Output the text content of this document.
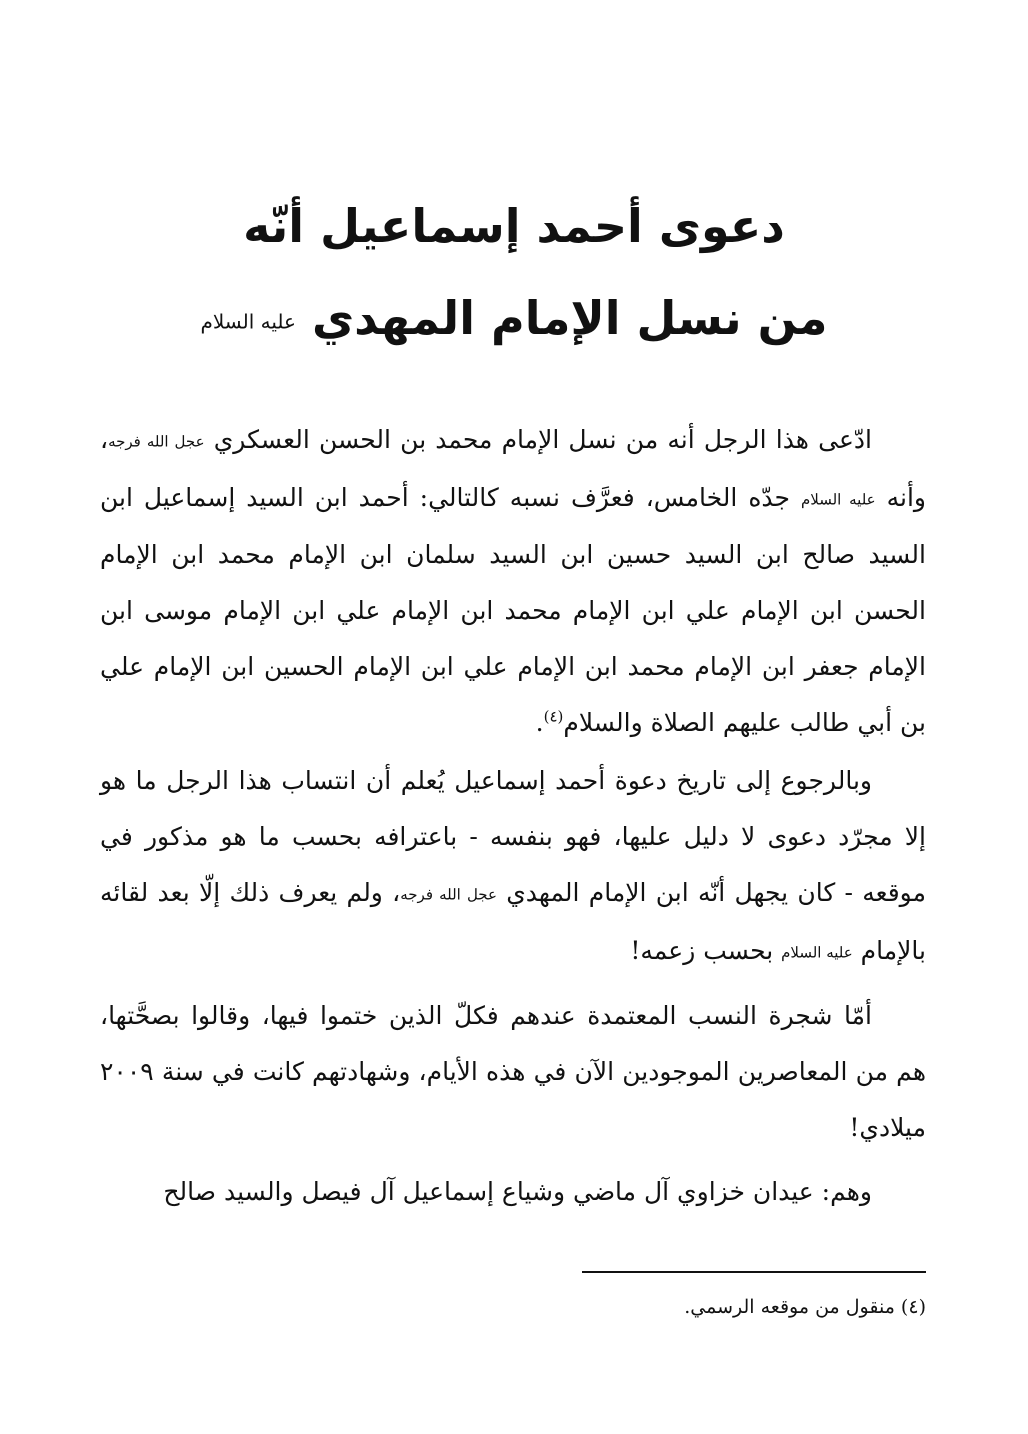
دعوى أحمد إسماعيل أنّه
من نسل الإمام المهدي عليه السلام

ادّعى هذا الرجل أنه من نسل الإمام محمد بن الحسن العسكري عجل الله فرجه، وأنه عليه السلام جدّه الخامس، فعرَّف نسبه كالتالي: أحمد ابن السيد إسماعيل ابن السيد صالح ابن السيد حسين ابن السيد سلمان ابن الإمام محمد ابن الإمام الحسن ابن الإمام علي ابن الإمام محمد ابن الإمام علي ابن الإمام موسى ابن الإمام جعفر ابن الإمام محمد ابن الإمام علي ابن الإمام الحسين ابن الإمام علي بن أبي طالب عليهم الصلاة والسلام$^{(٤)}$.

وبالرجوع إلى تاريخ دعوة أحمد إسماعيل يُعلم أن انتساب هذا الرجل ما هو إلا مجرّد دعوى لا دليل عليها، فهو بنفسه - باعترافه بحسب ما هو مذكور في موقعه - كان يجهل أنّه ابن الإمام المهدي عجل الله فرجه، ولم يعرف ذلك إلّا بعد لقائه بالإمام عليه السلام بحسب زعمه!

أمّا شجرة النسب المعتمدة عندهم فكلّ الذين ختموا فيها، وقالوا بصحَّتها، هم من المعاصرين الموجودين الآن في هذه الأيام، وشهادتهم كانت في سنة ٢٠٠٩ ميلادي!

وهم: عيدان خزاوي آل ماضي وشياع إسماعيل آل فيصل والسيد صالح

(٤) منقول من موقعه الرسمي.
